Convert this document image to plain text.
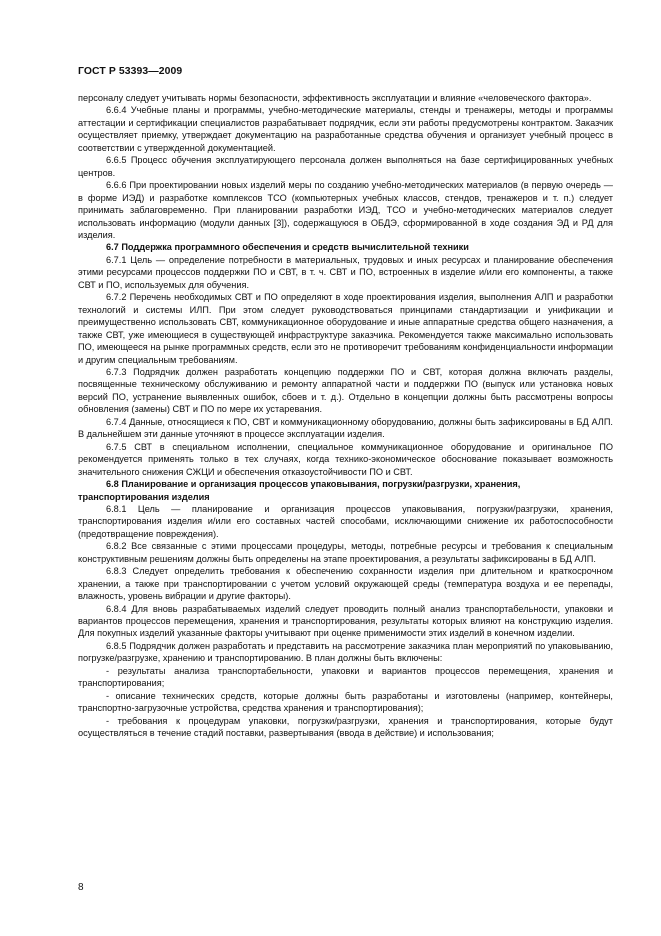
ГОСТ Р 53393—2009

персоналу следует учитывать нормы безопасности, эффективность эксплуатации и влияние «человеческого фактора».

6.6.4 Учебные планы и программы, учебно-методические материалы, стенды и тренажеры, методы и программы аттестации и сертификации специалистов разрабатывает подрядчик, если эти работы предусмотрены контрактом. Заказчик осуществляет приемку, утверждает документацию на разработанные средства обучения и организует учебный процесс в соответствии с утвержденной документацией.

6.6.5 Процесс обучения эксплуатирующего персонала должен выполняться на базе сертифицированных учебных центров.

6.6.6 При проектировании новых изделий меры по созданию учебно-методических материалов (в первую очередь — в форме ИЭД) и разработке комплексов ТСО (компьютерных учебных классов, стендов, тренажеров и т. п.) следует принимать заблаговременно. При планировании разработки ИЭД, ТСО и учебно-методических материалов следует использовать информацию (модули данных [3]), содержащуюся в ОБДЭ, сформированной в ходе создания ЭД и РД для изделия.

6.7 Поддержка программного обеспечения и средств вычислительной техники

6.7.1 Цель — определение потребности в материальных, трудовых и иных ресурсах и планирование обеспечения этими ресурсами процессов поддержки ПО и СВТ, в т. ч. СВТ и ПО, встроенных в изделие и/или его компоненты, а также СВТ и ПО, используемых для обучения.

6.7.2 Перечень необходимых СВТ и ПО определяют в ходе проектирования изделия, выполнения АЛП и разработки технологий и системы ИЛП. При этом следует руководствоваться принципами стандартизации и унификации и преимущественно использовать СВТ, коммуникационное оборудование и иные аппаратные средства общего назначения, а также СВТ, уже имеющиеся в существующей инфраструктуре заказчика. Рекомендуется также максимально использовать ПО, имеющееся на рынке программных средств, если это не противоречит требованиям конфиденциальности информации и другим специальным требованиям.

6.7.3 Подрядчик должен разработать концепцию поддержки ПО и СВТ, которая должна включать разделы, посвященные техническому обслуживанию и ремонту аппаратной части и поддержки ПО (выпуск или установка новых версий ПО, устранение выявленных ошибок, сбоев и т. д.). Отдельно в концепции должны быть рассмотрены вопросы обновления (замены) СВТ и ПО по мере их устаревания.

6.7.4 Данные, относящиеся к ПО, СВТ и коммуникационному оборудованию, должны быть зафиксированы в БД АЛП. В дальнейшем эти данные уточняют в процессе эксплуатации изделия.

6.7.5 СВТ в специальном исполнении, специальное коммуникационное оборудование и оригинальное ПО рекомендуется применять только в тех случаях, когда технико-экономическое обоснование показывает возможность значительного снижения СЖЦИ и обеспечения отказоустойчивости ПО и СВТ.

6.8 Планирование и организация процессов упаковывания, погрузки/разгрузки, хранения, транспортирования изделия

6.8.1 Цель — планирование и организация процессов упаковывания, погрузки/разгрузки, хранения, транспортирования изделия и/или его составных частей способами, исключающими снижение их работоспособности (предотвращение повреждения).

6.8.2 Все связанные с этими процессами процедуры, методы, потребные ресурсы и требования к специальным конструктивным решениям должны быть определены на этапе проектирования, а результаты зафиксированы в БД АЛП.

6.8.3 Следует определить требования к обеспечению сохранности изделия при длительном и краткосрочном хранении, а также при транспортировании с учетом условий окружающей среды (температура воздуха и ее перепады, влажность, уровень вибрации и другие факторы).

6.8.4 Для вновь разрабатываемых изделий следует проводить полный анализ транспортабельности, упаковки и вариантов процессов перемещения, хранения и транспортирования, результаты которых влияют на конструкцию изделия. Для покупных изделий указанные факторы учитывают при оценке применимости этих изделий в конечном изделии.

6.8.5 Подрядчик должен разработать и представить на рассмотрение заказчика план мероприятий по упаковыванию, погрузке/разгрузке, хранению и транспортированию. В план должны быть включены:

- результаты анализа транспортабельности, упаковки и вариантов процессов перемещения, хранения и транспортирования;

- описание технических средств, которые должны быть разработаны и изготовлены (например, контейнеры, транспортно-загрузочные устройства, средства хранения и транспортирования);

- требования к процедурам упаковки, погрузки/разгрузки, хранения и транспортирования, которые будут осуществляться в течение стадий поставки, развертывания (ввода в действие) и использования;

8
